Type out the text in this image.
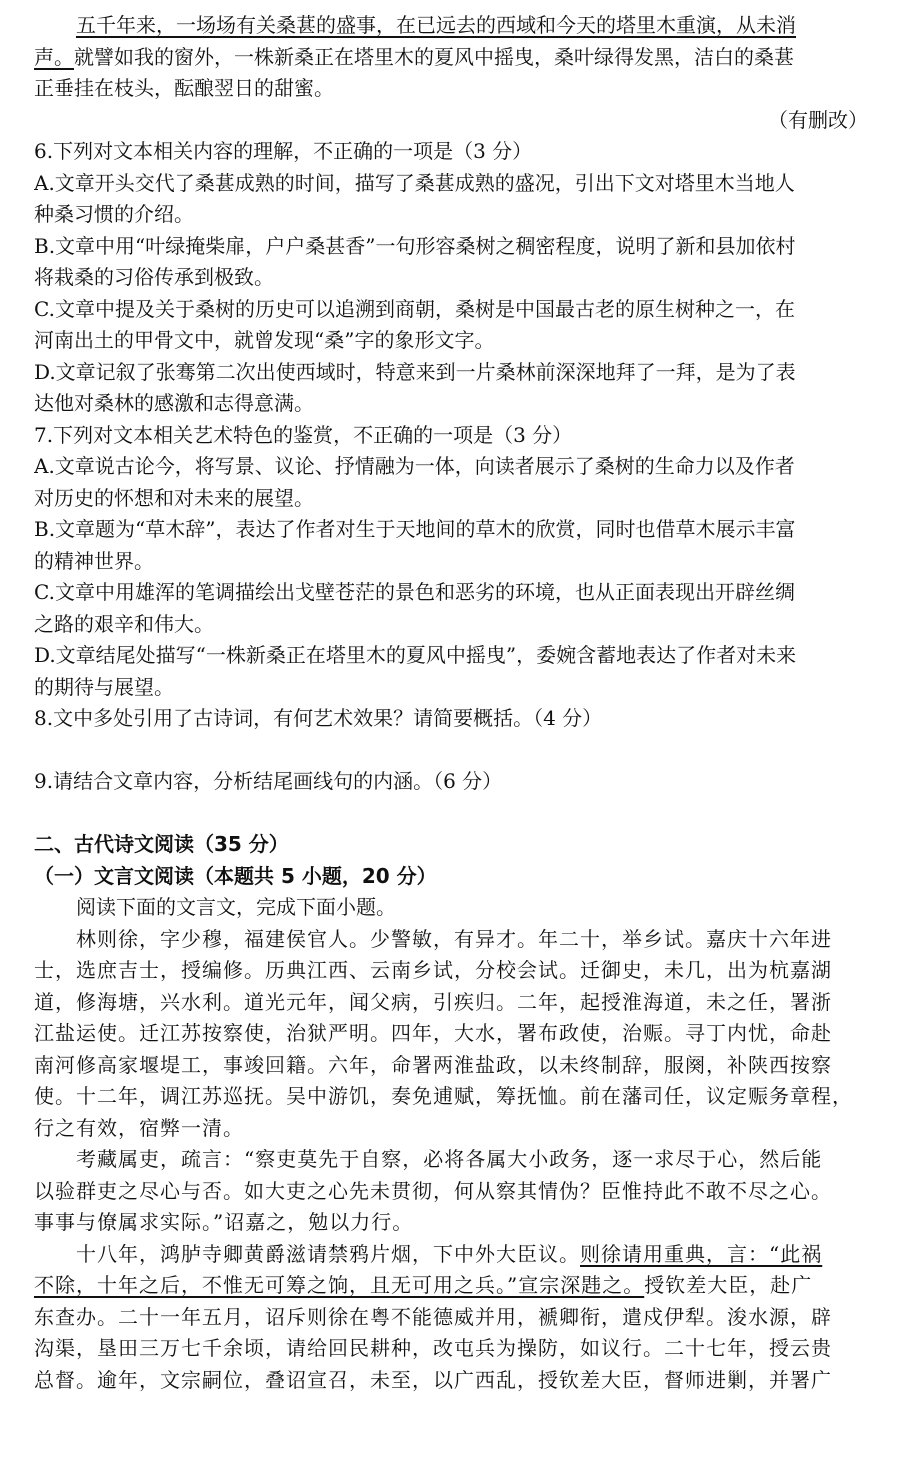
五千年来，一场场有关桑葚的盛事，在已远去的西域和今天的塔里木重演，从未消
声。就譬如我的窗外，一株新桑正在塔里木的夏风中摇曳，桑叶绿得发黑，洁白的桑葚
正垂挂在枝头，酝酿翌日的甜蜜。
（有删改）
6.下列对文本相关内容的理解，不正确的一项是（3 分）
A.文章开头交代了桑葚成熟的时间，描写了桑葚成熟的盛况，引出下文对塔里木当地人
种桑习惯的介绍。
B.文章中用“叶绿掩柴扉，户户桑甚香”一句形容桑树之稠密程度，说明了新和县加依村
将栽桑的习俗传承到极致。
C.文章中提及关于桑树的历史可以追溯到商朝，桑树是中国最古老的原生树种之一，在
河南出土的甲骨文中，就曾发现“桑”字的象形文字。
D.文章记叙了张骞第二次出使西域时，特意来到一片桑林前深深地拜了一拜，是为了表
达他对桑林的感激和志得意满。
7.下列对文本相关艺术特色的鉴赏，不正确的一项是（3 分）
A.文章说古论今，将写景、议论、抒情融为一体，向读者展示了桑树的生命力以及作者
对历史的怀想和对未来的展望。
B.文章题为“草木辞”，表达了作者对生于天地间的草木的欣赏，同时也借草木展示丰富
的精神世界。
C.文章中用雄浑的笔调描绘出戈壁苍茫的景色和恶劣的环境，也从正面表现出开辟丝绸
之路的艰辛和伟大。
D.文章结尾处描写“一株新桑正在塔里木的夏风中摇曳”，委婉含蓄地表达了作者对未来
的期待与展望。
8.文中多处引用了古诗词，有何艺术效果？请简要概括。（4 分）
9.请结合文章内容，分析结尾画线句的内涵。（6 分）
二、古代诗文阅读（35 分）
（一）文言文阅读（本题共 5 小题，20 分）
阅读下面的文言文，完成下面小题。
林则徐，字少穆，福建侯官人。少警敏，有异才。年二十，举乡试。嘉庆十六年进
士，选庶吉士，授编修。历典江西、云南乡试，分校会试。迁御史，未几，出为杭嘉湖
道，修海塘，兴水利。道光元年，闻父病，引疾归。二年，起授淮海道，未之任，署浙
江盐运使。迁江苏按察使，治狱严明。四年，大水，署布政使，治赈。寻丁内忧，命赴
南河修高家堰堤工，事竣回籍。六年，命署两淮盐政，以未终制辞，服阕，补陕西按察
使。十二年，调江苏巡抚。吴中游饥，奏免逋赋，筹抚恤。前在藩司任，议定赈务章程，
行之有效，宿弊一清。
考藏属吏，疏言：“察吏莫先于自察，必将各属大小政务，逐一求尽于心，然后能
以验群吏之尽心与否。如大吏之心先未贯彻，何从察其情伪？臣惟持此不敢不尽之心。
事事与僚属求实际。”诏嘉之，勉以力行。
十八年，鸿胪寺卿黄爵滋请禁鸦片烟，下中外大臣议。则徐请用重典，言：“此祸
不除，十年之后，不惟无可筹之饷，且无可用之兵。”宣宗深韪之。授钦差大臣，赴广
东查办。二十一年五月，诏斥则徐在粤不能德威并用，褫卿衔，遣戍伊犁。浚水源，辟
沟渠，垦田三万七千余顷，请给回民耕种，改屯兵为操防，如议行。二十七年，授云贵
总督。逾年，文宗嗣位，叠诏宣召，未至，以广西乱，授钦差大臣，督师进剿，并署广
